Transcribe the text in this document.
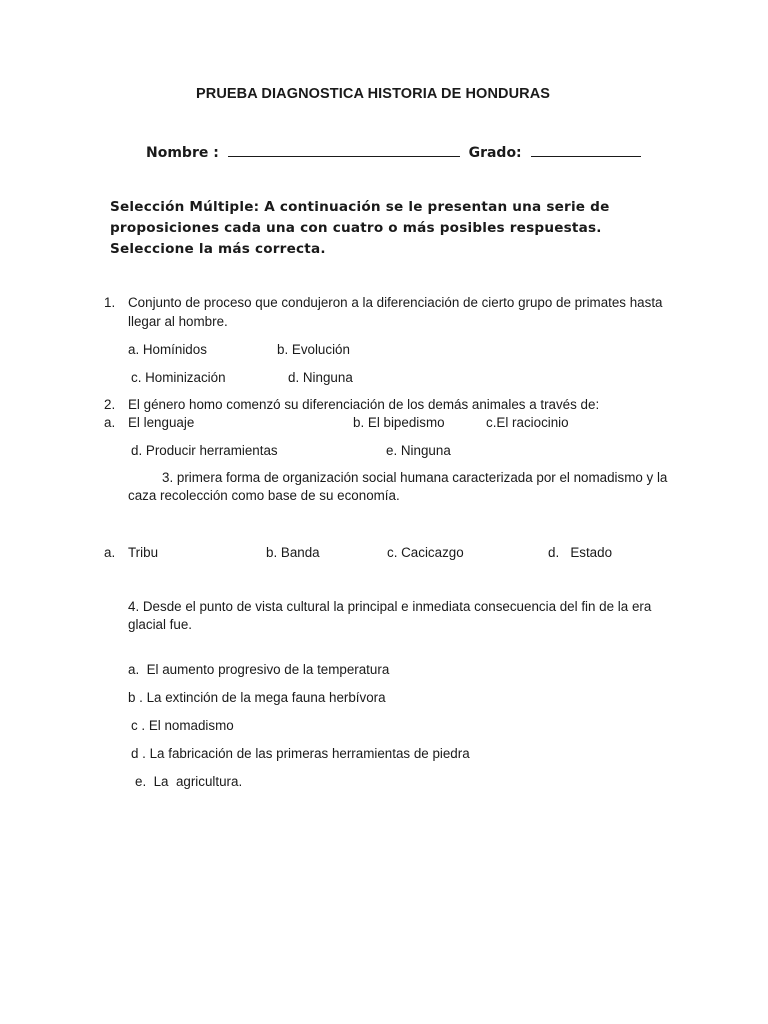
PRUEBA DIAGNOSTICA HISTORIA DE HONDURAS
Nombre :	Grado:
Selección Múltiple: A continuación se le presentan una serie de
proposiciones cada una con cuatro o más posibles respuestas.
Seleccione la más correcta.
1. Conjunto de proceso que condujeron a la diferenciación de cierto grupo de primates hasta
llegar al hombre.
a. Homínidos	b. Evolución
c. Hominización	d. Ninguna
2. El género homo comenzó su diferenciación de los demás animales a través de:
a. El lenguaje	b. El bipedismo	c.El raciocinio
d. Producir herramientas	e. Ninguna
3. primera forma de organización social humana caracterizada por el nomadismo y la
caza recolección como base de su economía.
a. Tribu	b. Banda	c. Cacicazgo	d.   Estado
4. Desde el punto de vista cultural la principal e inmediata consecuencia del fin de la era
glacial fue.
a.  El aumento progresivo de la temperatura
b . La extinción de la mega fauna herbívora
c . El nomadismo
d . La fabricación de las primeras herramientas de piedra
e.  La  agricultura.
